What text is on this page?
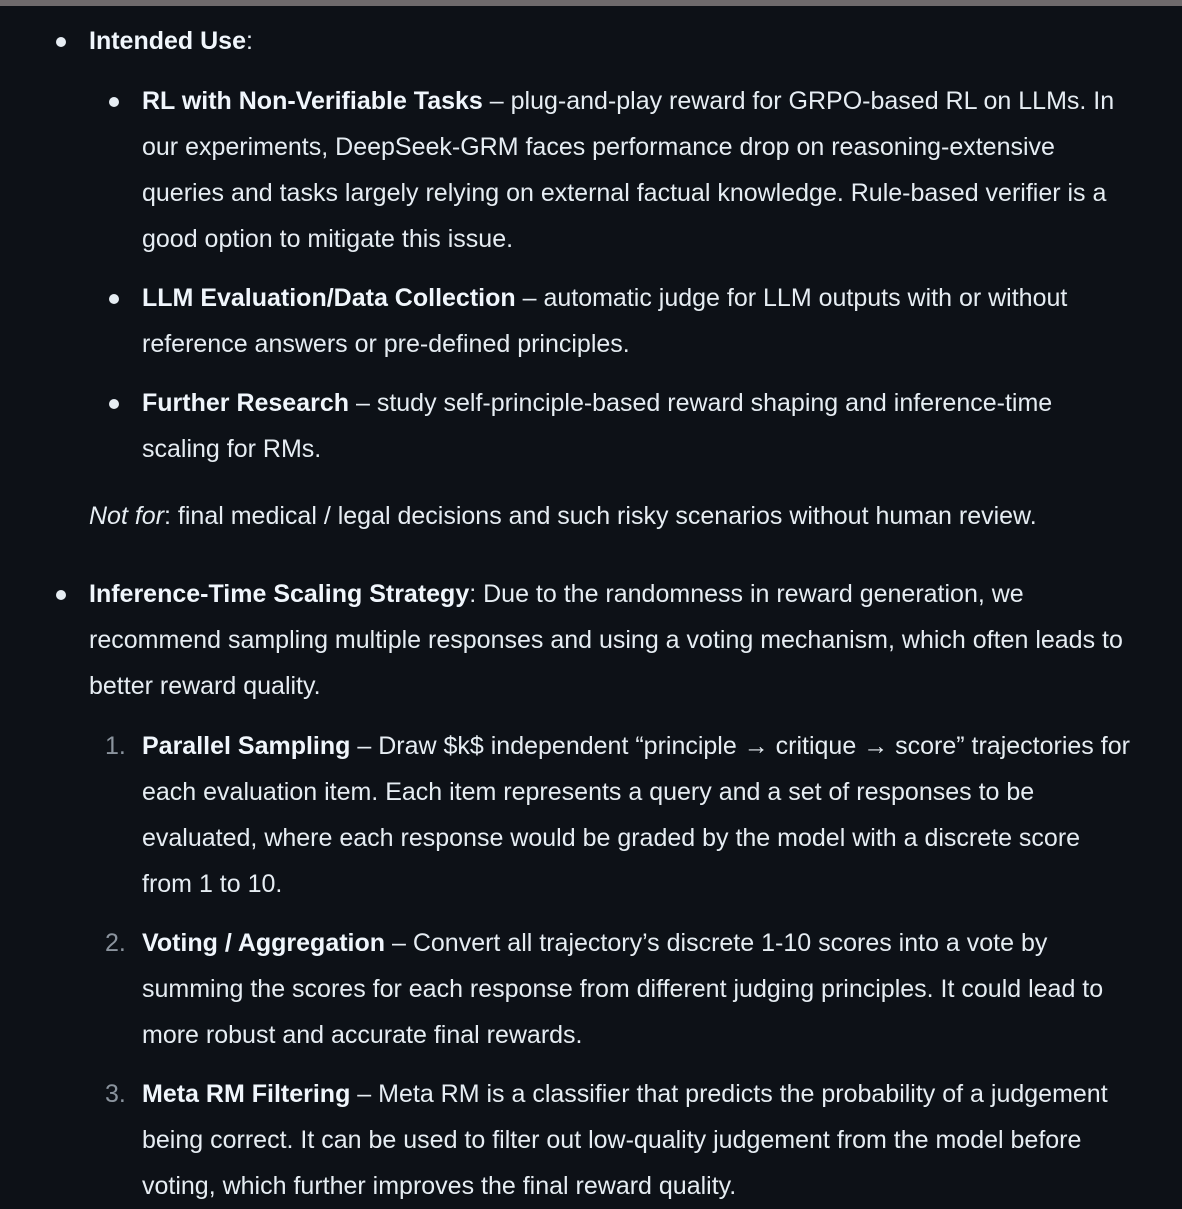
Intended Use:
RL with Non-Verifiable Tasks – plug-and-play reward for GRPO-based RL on LLMs. In our experiments, DeepSeek-GRM faces performance drop on reasoning-extensive queries and tasks largely relying on external factual knowledge. Rule-based verifier is a good option to mitigate this issue.
LLM Evaluation/Data Collection – automatic judge for LLM outputs with or without reference answers or pre-defined principles.
Further Research – study self-principle-based reward shaping and inference-time scaling for RMs.
Not for: final medical / legal decisions and such risky scenarios without human review.
Inference-Time Scaling Strategy: Due to the randomness in reward generation, we recommend sampling multiple responses and using a voting mechanism, which often leads to better reward quality.
1. Parallel Sampling – Draw $k$ independent “principle → critique → score” trajectories for each evaluation item. Each item represents a query and a set of responses to be evaluated, where each response would be graded by the model with a discrete score from 1 to 10.
2. Voting / Aggregation – Convert all trajectory’s discrete 1-10 scores into a vote by summing the scores for each response from different judging principles. It could lead to more robust and accurate final rewards.
3. Meta RM Filtering – Meta RM is a classifier that predicts the probability of a judgement being correct. It can be used to filter out low-quality judgement from the model before voting, which further improves the final reward quality.
